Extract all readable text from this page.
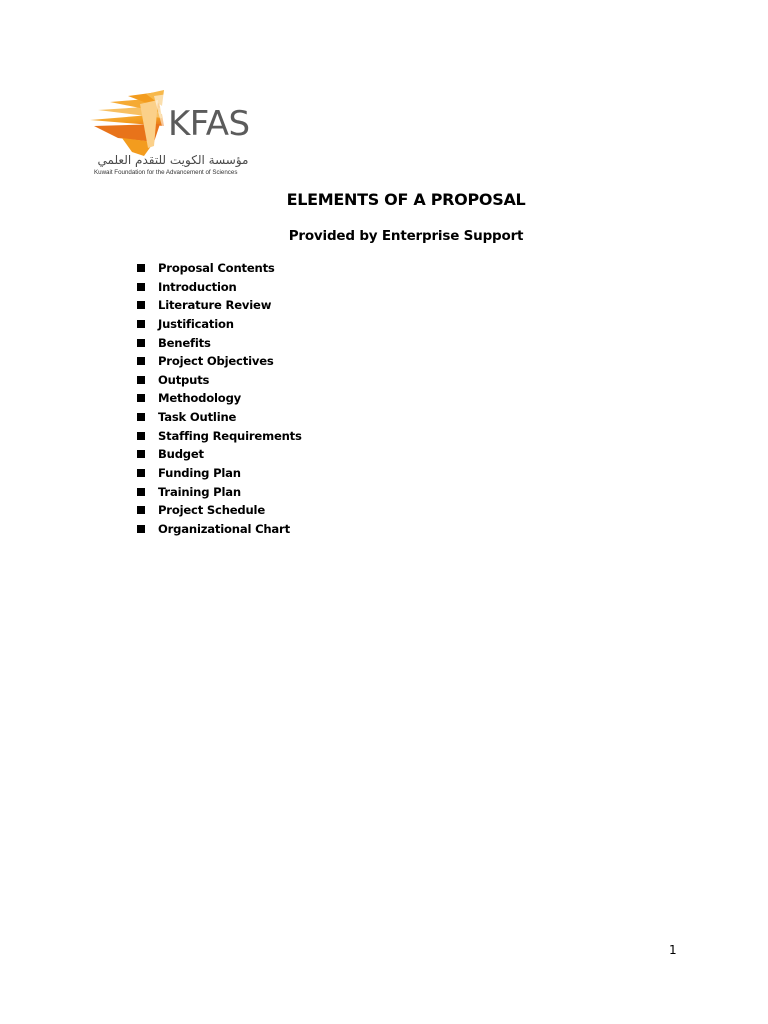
KFAS
مؤسسة الكويت للتقدم العلمي
Kuwait Foundation for the Advancement of Sciences
ELEMENTS OF A PROPOSAL
Provided by Enterprise Support
Proposal Contents
Introduction
Literature Review
Justification
Benefits
Project Objectives
Outputs
Methodology
Task Outline
Staffing Requirements
Budget
Funding Plan
Training Plan
Project Schedule
Organizational Chart
1
